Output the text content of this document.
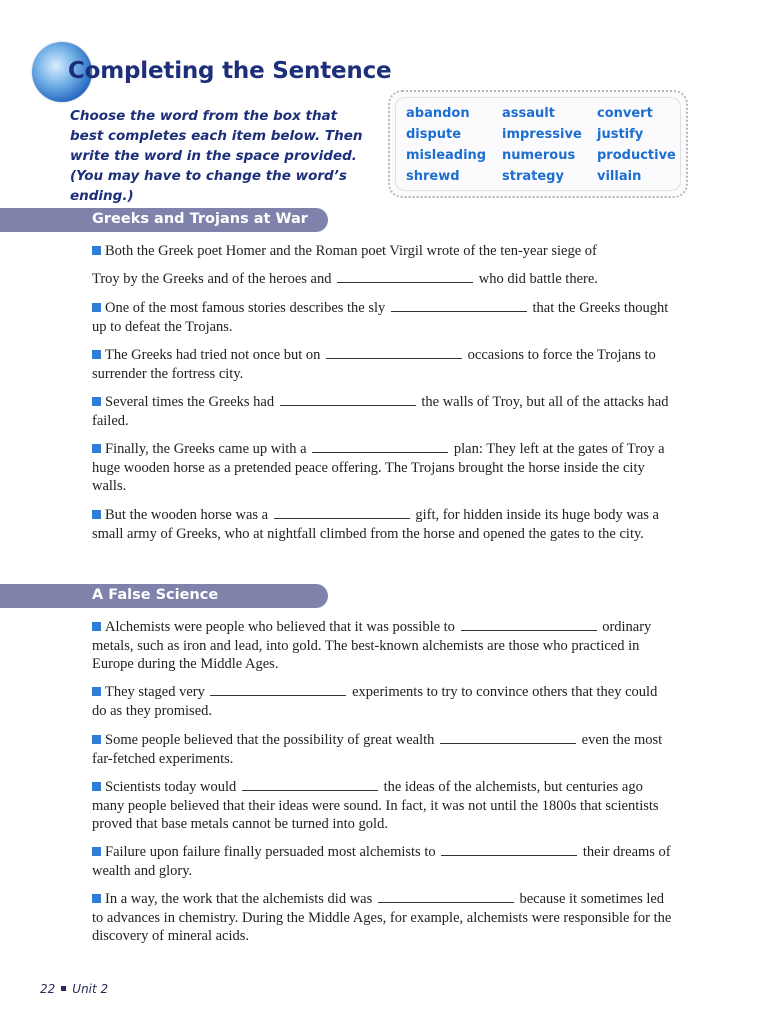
Completing the Sentence

Choose the word from the box that best completes each item below. Then write the word in the space provided. (You may have to change the word’s ending.)

abandon assault	convert
dispute	impressive justify
misleading numerous productive
shrewd	strategy	villain
Greeks and Trojans at War

Both the Greek poet Homer and the Roman poet Virgil wrote of the ten-year siege of

Troy by the Greeks and of the heroes and	who did battle there.

One of the most famous stories describes the sly	that the Greeks thought up to defeat the Trojans.

The Greeks had tried not once but on	occasions to force the Trojans to surrender the fortress city.

Several times the Greeks had	the walls of Troy, but all of the attacks had failed.

Finally, the Greeks came up with a	plan: They left at the gates of Troy a huge wooden horse as a pretended peace offering. The Trojans brought the horse inside the city walls.

But the wooden horse was a	gift, for hidden inside its huge body was a small army of Greeks, who at nightfall climbed from the horse and opened the gates to the city.

A False Science

Alchemists were people who believed that it was possible to	ordinary metals, such as iron and lead, into gold. The best-known alchemists are those who practiced in Europe during the Middle Ages.

They staged very	experiments to try to convince others that they could do as they promised.

Some people believed that the possibility of great wealth	even the most far-fetched experiments.

Scientists today would	the ideas of the alchemists, but centuries ago many people believed that their ideas were sound. In fact, it was not until the 1800s that scientists proved that base metals cannot be turned into gold.

Failure upon failure finally persuaded most alchemists to	their dreams of wealth and glory.

In a way, the work that the alchemists did was	because it sometimes led to advances in chemistry. During the Middle Ages, for example, alchemists were responsible for the discovery of mineral acids.

22 Unit 2
